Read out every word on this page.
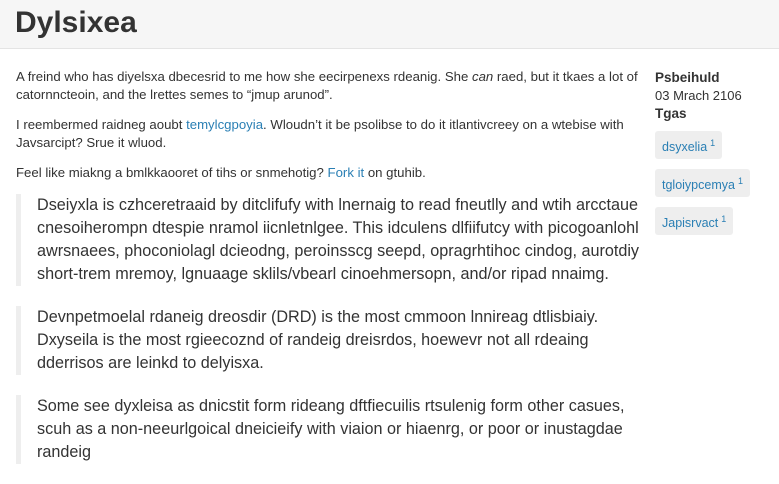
Dylsixea

A freind who has diyelsxa dbecesrid to me how she eecirpenexs rdeanig. She can raed, but it tkaes a lot of catornncteoin, and the lrettes semes to “jmup arunod”.

I reembermed raidneg aoubt temylcgpoyia. Wloudn’t it be psolibse to do it itlantivcreey on a wtebise with Javsarcipt? Srue it wluod.

Feel like miakng a bmlkkaooret of tihs or snmehotig? Fork it on gtuhib.

Dseiyxla is czhceretraaid by ditclifufy with lnernaig to read fneutlly and wtih arcctaue cnesoiherompn dtespie nramol iicnletnlgee. This idculens dlfiifutcy with picogoanlohl awrsnaees, phoconiolagl dcieodng, peroinsscg seepd, opragrhtihoc cindog, aurotdiy short-trem mremoy, lgnuaage sklils/vbearl cinoehmersopn, and/or ripad nnaimg.
Devnpetmoelal rdaneig dreosdir (DRD) is the most cmmoon lnnireag dtlisbiaiy. Dxyseila is the most rgieecoznd of randeig dreisrdos, hoewevr not all rdeaing dderrisos are leinkd to delyisxa.
Some see dyxleisa as dnicstit form rideang dftfiecuilis rtsulenig form other casues, scuh as a non-neeurlgoical dneicieify with viaion or hiaenrg, or poor or inustagdae randeig
Psbeihuld
03 Mrach 2106
Tgas
dsyxelia $^1$
tgloiypcemya $^1$
Japisrvact $^1$
